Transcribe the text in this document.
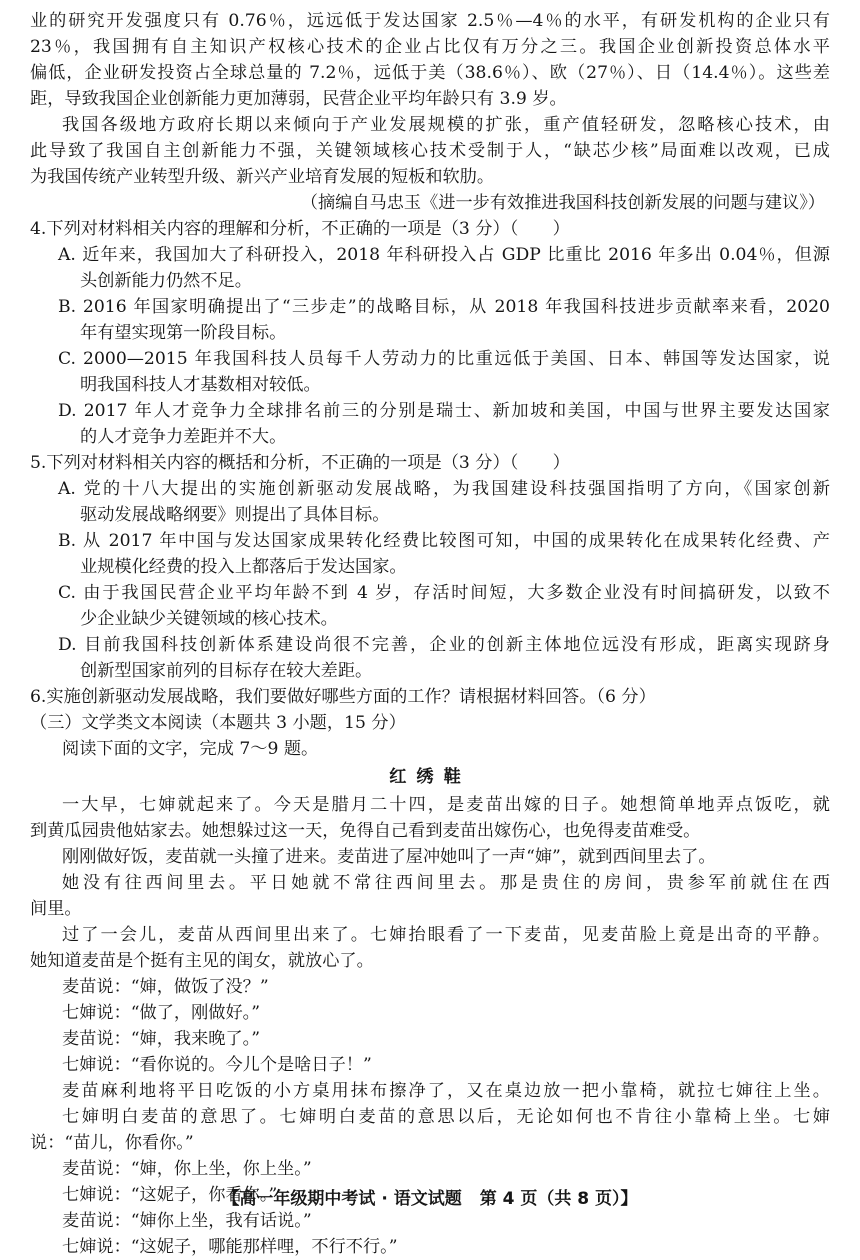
业的研究开发强度只有 0.76％，远远低于发达国家 2.5％—4％的水平，有研发机构的企业只有
23％，我国拥有自主知识产权核心技术的企业占比仅有万分之三。我国企业创新投资总体水平
偏低，企业研发投资占全球总量的 7.2％，远低于美（38.6％）、欧（27％）、日（14.4％）。这些差
距，导致我国企业创新能力更加薄弱，民营企业平均年龄只有 3.9 岁。
我国各级地方政府长期以来倾向于产业发展规模的扩张，重产值轻研发，忽略核心技术，由
此导致了我国自主创新能力不强，关键领域核心技术受制于人，“缺芯少核”局面难以改观，已成
为我国传统产业转型升级、新兴产业培育发展的短板和软肋。
（摘编自马忠玉《进一步有效推进我国科技创新发展的问题与建议》）
4.下列对材料相关内容的理解和分析，不正确的一项是（3 分）（　　）
A. 近年来，我国加大了科研投入，2018 年科研投入占 GDP 比重比 2016 年多出 0.04％，但源
头创新能力仍然不足。
B. 2016 年国家明确提出了“三步走”的战略目标，从 2018 年我国科技进步贡献率来看，2020
年有望实现第一阶段目标。
C. 2000—2015 年我国科技人员每千人劳动力的比重远低于美国、日本、韩国等发达国家，说
明我国科技人才基数相对较低。
D. 2017 年人才竞争力全球排名前三的分别是瑞士、新加坡和美国，中国与世界主要发达国家
的人才竞争力差距并不大。
5.下列对材料相关内容的概括和分析，不正确的一项是（3 分）（　　）
A. 党的十八大提出的实施创新驱动发展战略，为我国建设科技强国指明了方向，《国家创新
驱动发展战略纲要》则提出了具体目标。
B. 从 2017 年中国与发达国家成果转化经费比较图可知，中国的成果转化在成果转化经费、产
业规模化经费的投入上都落后于发达国家。
C. 由于我国民营企业平均年龄不到 4 岁，存活时间短，大多数企业没有时间搞研发，以致不
少企业缺少关键领域的核心技术。
D. 目前我国科技创新体系建设尚很不完善，企业的创新主体地位远没有形成，距离实现跻身
创新型国家前列的目标存在较大差距。
6.实施创新驱动发展战略，我们要做好哪些方面的工作？请根据材料回答。（6 分）
（三）文学类文本阅读（本题共 3 小题，15 分）
阅读下面的文字，完成 7～9 题。
一大早，七婶就起来了。今天是腊月二十四，是麦苗出嫁的日子。她想简单地弄点饭吃，就
到黄瓜园贵他姑家去。她想躲过这一天，免得自己看到麦苗出嫁伤心，也免得麦苗难受。
刚刚做好饭，麦苗就一头撞了进来。麦苗进了屋冲她叫了一声“婶”，就到西间里去了。
她没有往西间里去。平日她就不常往西间里去。那是贵住的房间，贵参军前就住在西
间里。
过了一会儿，麦苗从西间里出来了。七婶抬眼看了一下麦苗，见麦苗脸上竟是出奇的平静。
她知道麦苗是个挺有主见的闺女，就放心了。
麦苗说：“婶，做饭了没？”
七婶说：“做了，刚做好。”
麦苗说：“婶，我来晚了。”
七婶说：“看你说的。今儿个是啥日子！”
麦苗麻利地将平日吃饭的小方桌用抹布擦净了，又在桌边放一把小靠椅，就拉七婶往上坐。
七婶明白麦苗的意思了。七婶明白麦苗的意思以后，无论如何也不肯往小靠椅上坐。七婶
说：“苗儿，你看你。”
麦苗说：“婶，你上坐，你上坐。”
七婶说：“这妮子，你看你。”
麦苗说：“婶你上坐，我有话说。”
七婶说：“这妮子，哪能那样哩，不行不行。”
红绣鞋
【高一年级期中考试 · 语文试题 第 4 页（共 8 页）】
